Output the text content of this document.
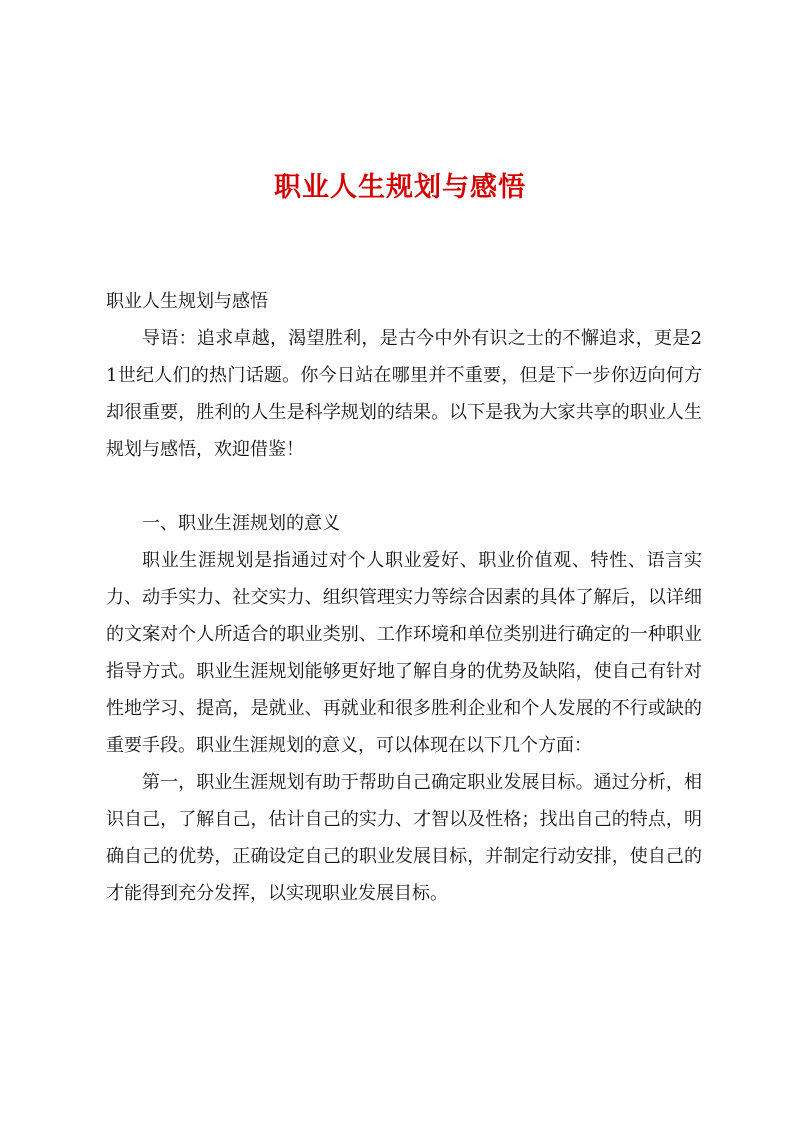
职业人生规划与感悟

职业人生规划与感悟

导语：追求卓越，渴望胜利，是古今中外有识之士的不懈追求，更是21世纪人们的热门话题。你今日站在哪里并不重要，但是下一步你迈向何方却很重要，胜利的人生是科学规划的结果。以下是我为大家共享的职业人生规划与感悟，欢迎借鉴！

一、职业生涯规划的意义

职业生涯规划是指通过对个人职业爱好、职业价值观、特性、语言实力、动手实力、社交实力、组织管理实力等综合因素的具体了解后，以详细的文案对个人所适合的职业类别、工作环境和单位类别进行确定的一种职业指导方式。职业生涯规划能够更好地了解自身的优势及缺陷，使自己有针对性地学习、提高，是就业、再就业和很多胜利企业和个人发展的不行或缺的重要手段。职业生涯规划的意义，可以体现在以下几个方面：

第一，职业生涯规划有助于帮助自己确定职业发展目标。通过分析，相识自己，了解自己，估计自己的实力、才智以及性格；找出自己的特点，明确自己的优势，正确设定自己的职业发展目标，并制定行动安排，使自己的才能得到充分发挥，以实现职业发展目标。
